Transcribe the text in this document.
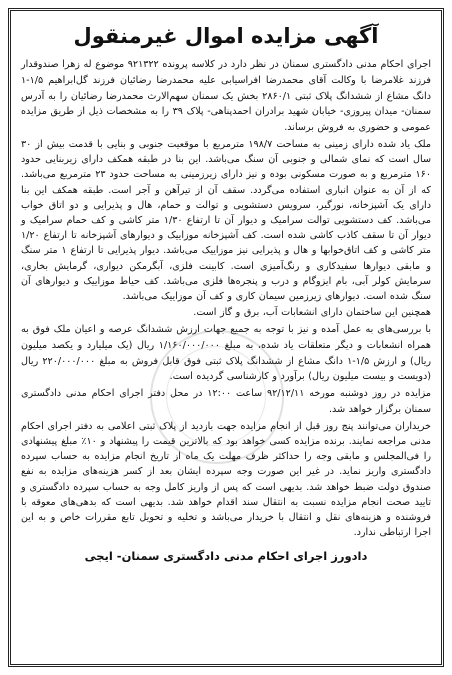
آگهی مزایده اموال غیرمنقول

اجرای احکام مدنی دادگستری سمنان در نظر دارد در کلاسه پرونده ۹۲۱۳۲۲ موضوع له زهرا صندوقدار فرزند غلامرضا با وکالت آقای محمدرضا افراسیابی علیه محمدرضا رضائیان فرزند گل‌ابراهیم ۱/۵-۱ دانگ مشاع از ششدانگ پلاک ثبتی ۲۸۶۰/۱ بخش یک سمنان سهم‌الارث محمدرضا رضائیان را به آدرس سمنان- میدان پیروزی- خیابان شهید برادران احمدپناهی- پلاک ۳۹ را به مشخصات ذیل از طریق مزایده عمومی و حضوری به فروش برساند.

ملک یاد شده دارای زمینی به مساحت ۱۹۸/۷ مترمربع با موقعیت جنوبی و بنایی با قدمت بیش از ۳۰ سال است که نمای شمالی و جنوبی آن سنگ می‌باشد. این بنا در طبقه همکف دارای زیربنایی حدود ۱۶۰ مترمربع و به صورت مسکونی بوده و نیز دارای زیرزمینی به مساحت حدود ۲۳ مترمربع می‌باشد. که از آن به عنوان انباری استفاده می‌گردد. سقف آن از تیرآهن و آجر است. طبقه همکف این بنا دارای یک آشپزخانه، نورگیر، سرویس دستشویی و توالت و حمام، هال و پذیرایی و دو اتاق خواب می‌باشد. کف دستشویی توالت سرامیک و دیوار آن تا ارتفاع ۱/۳۰ متر کاشی و کف حمام سرامیک و دیوار آن تا سقف کاذب کاشی شده است. کف آشپزخانه موزاییک و دیوارهای آشپزخانه تا ارتفاع ۱/۲۰ متر کاشی و کف اتاق‌خوابها و هال و پذیرایی نیز موزاییک می‌باشد. دیوار پذیرایی تا ارتفاع ۱ متر سنگ و مابقی دیوارها سفیدکاری و رنگ‌آمیزی است. کابینت فلزی، آبگرمکن دیواری، گرمایش بخاری، سرمایش کولر آبی، بام ایزوگام و درب و پنجره‌ها فلزی می‌باشد. کف حیاط موزاییک و دیوارهای آن سنگ شده است. دیوارهای زیرزمین سیمان کاری و کف آن موزاییک می‌باشد.

همچنین این ساختمان دارای انشعابات آب، برق و گاز است.

با بررسی‌های به عمل آمده و نیز با توجه به جمیع جهات ارزش ششدانگ عرصه و اعیان ملک فوق به همراه انشعابات و دیگر متعلقات یاد شده، به مبلغ ۱/۱۶۰/۰۰۰/۰۰۰ ریال (یک میلیارد و یکصد میلیون ریال) و ارزش ۱/۵-۱ دانگ مشاع از ششدانگ پلاک ثبتی فوق قابل فروش به مبلغ ۲۲۰/۰۰۰/۰۰۰ ریال (دویست و بیست میلیون ریال) برآورد و کارشناسی گردیده است.

مزایده در روز دوشنبه مورخه ۹۲/۱۲/۱۱ ساعت ۱۲:۰۰ در محل دفتر اجرای احکام مدنی دادگستری سمنان برگزار خواهد شد.

خریداران می‌توانند پنج روز قبل از انجام مزایده جهت بازدید از پلاک ثبتی اعلامی به دفتر اجرای احکام مدنی مراجعه نمایند. برنده مزایده کسی خواهد بود که بالاترین قیمت را پیشنهاد و ۱۰٪ مبلغ پیشنهادی را فی‌المجلس و مابقی وجه را حداکثر ظرف مهلت یک ماه از تاریخ انجام مزایده به حساب سپرده دادگستری واریز نماید. در غیر این صورت وجه سپرده ایشان بعد از کسر هزینه‌های مزایده به نفع صندوق دولت ضبط خواهد شد. بدیهی است که پس از واریز کامل وجه به حساب سپرده دادگستری و تایید صحت انجام مزایده نسبت به انتقال سند اقدام خواهد شد. بدیهی است که بدهی‌های معوقه با فروشنده و هزینه‌های نقل و انتقال با خریدار می‌باشد و تخلیه و تحویل تابع مقررات خاص و به این اجرا ارتباطی ندارد.

دادورز اجرای احکام مدنی دادگستری سمنان- ایجی
